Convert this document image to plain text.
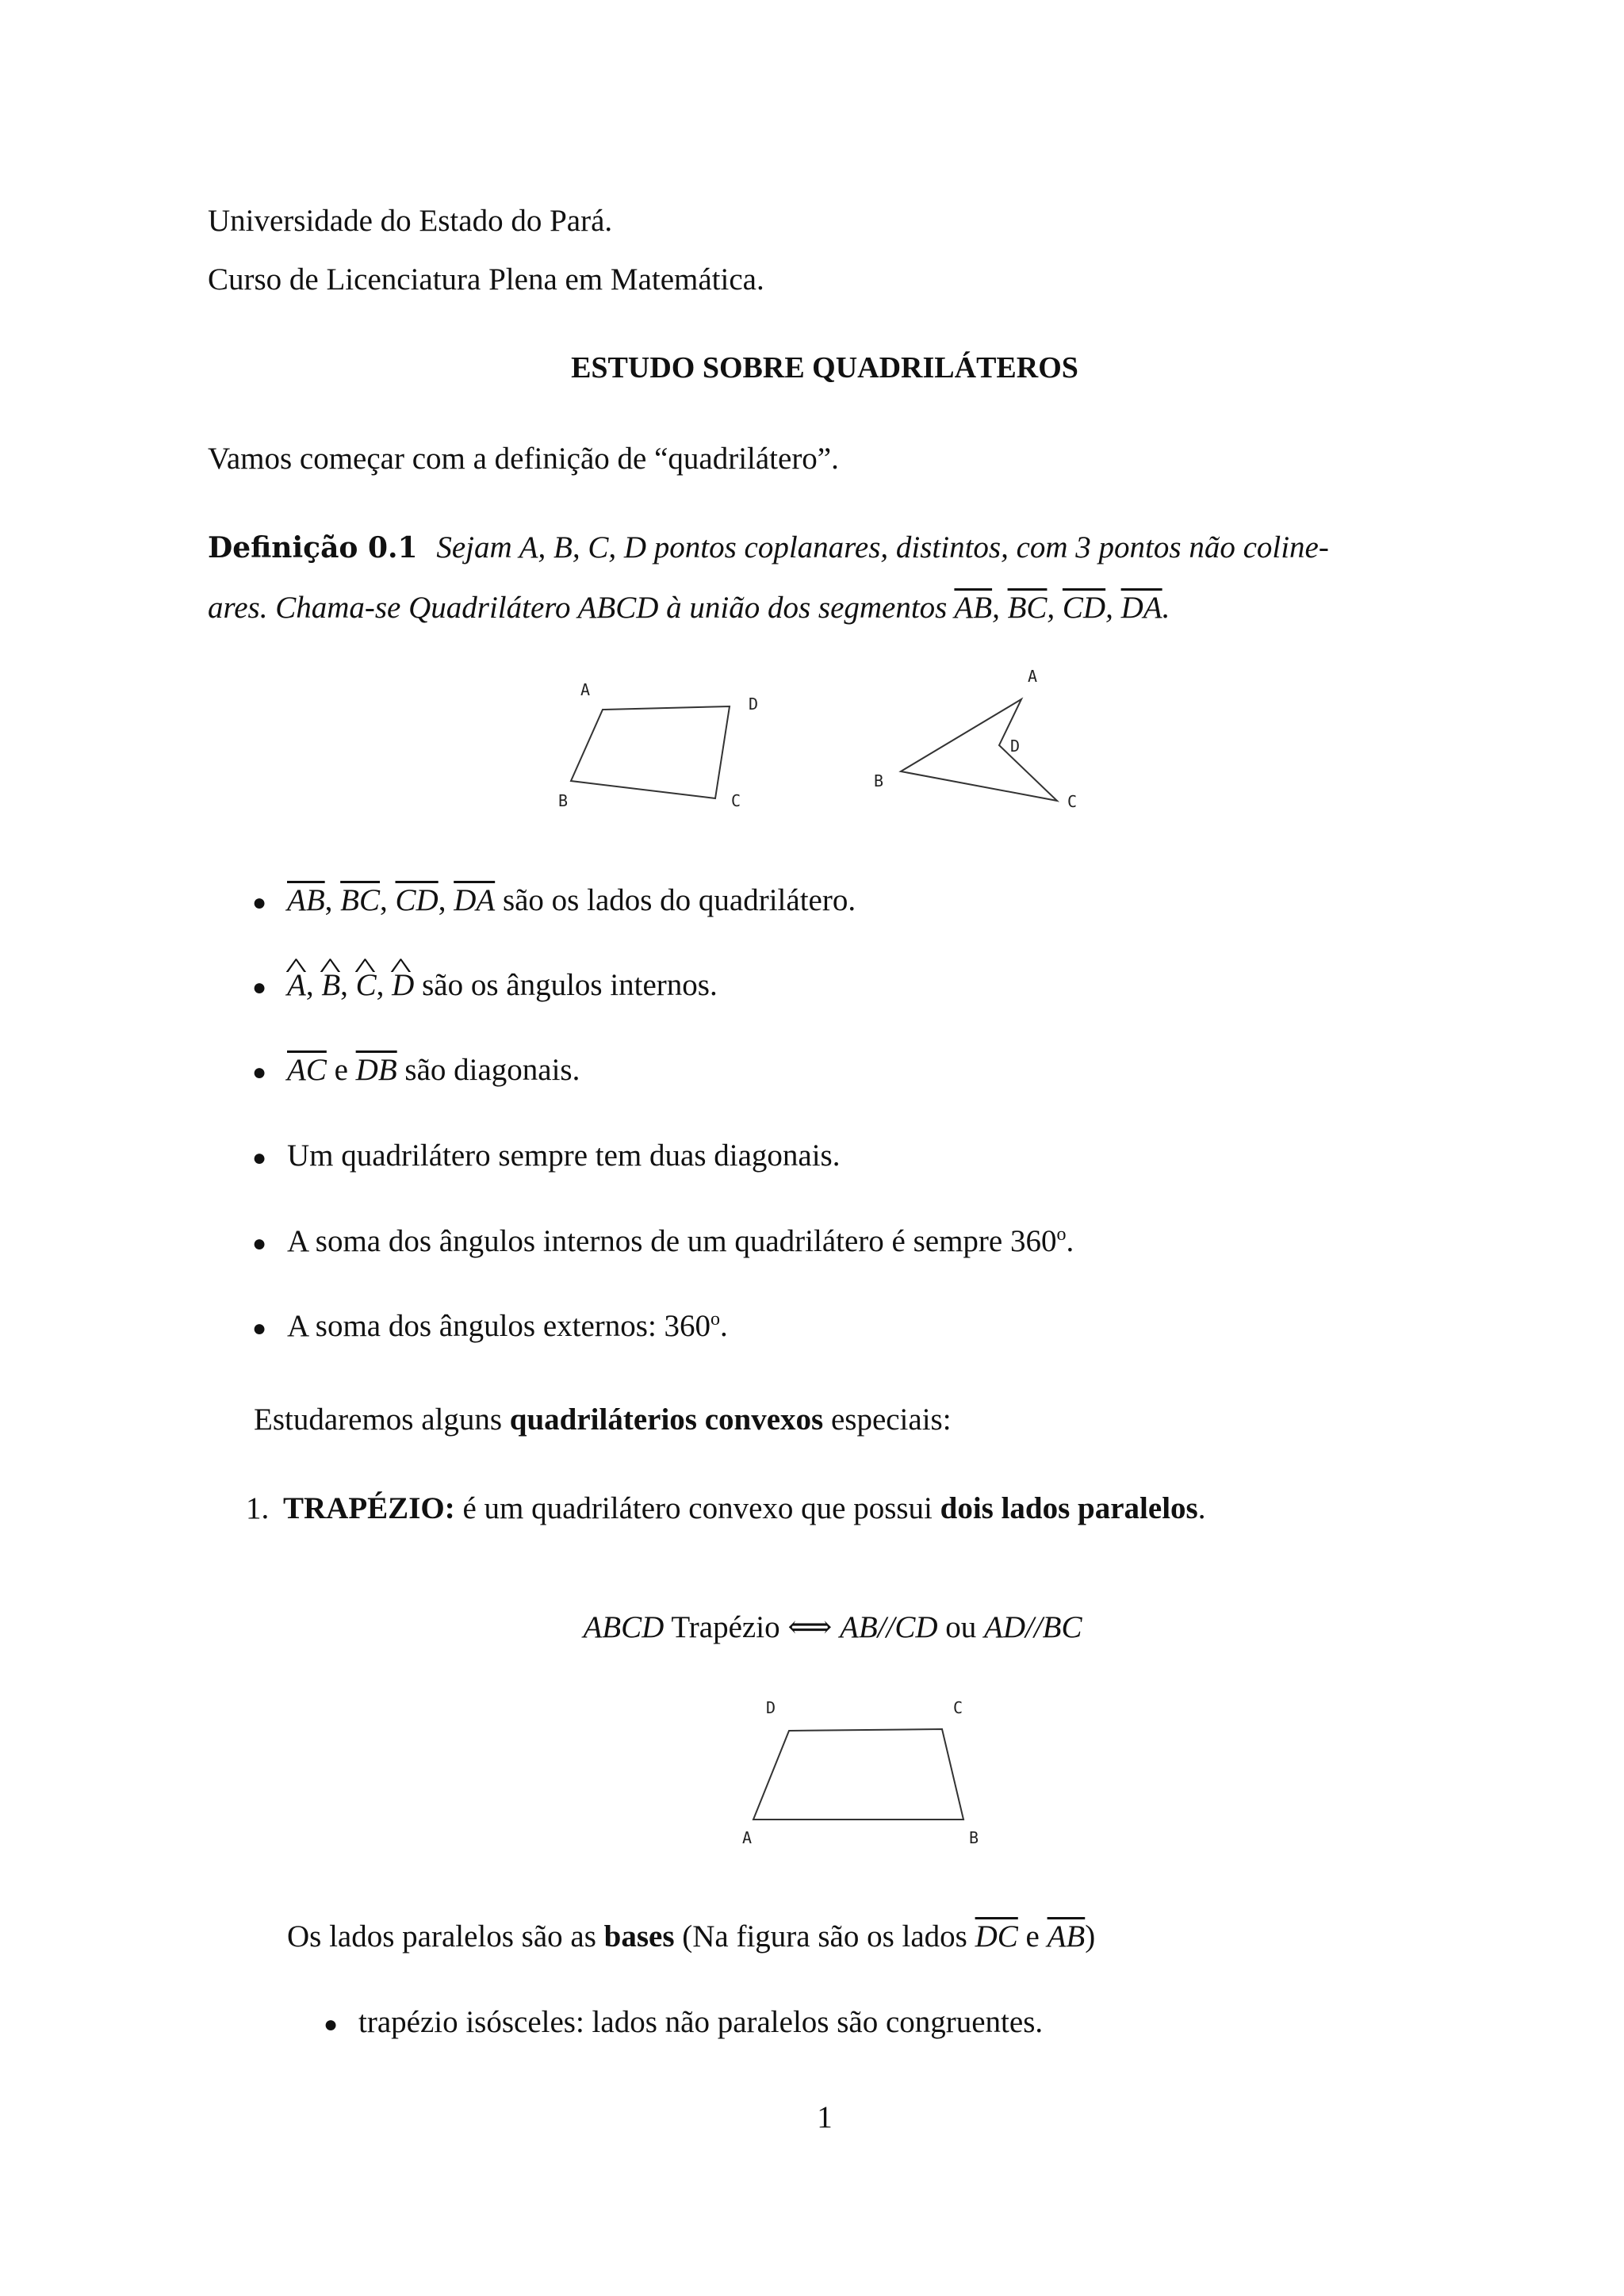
Universidade do Estado do Pará.
Curso de Licenciatura Plena em Matemática.
ESTUDO SOBRE QUADRILÁTEROS
Vamos começar com a definição de “quadrilátero”.
Definição 0.1 Sejam A, B, C, D pontos coplanares, distintos, com 3 pontos não coline-
ares. Chama-se Quadrilátero ABCD à união dos segmentos $\overline{AB}$, $\overline{BC}$, $\overline{CD}$, $\overline{DA}$.
A
D
B	C
A
D
B
C
● $\overline{AB}$, $\overline{BC}$, $\overline{CD}$, $\overline{DA}$ são os lados do quadrilátero.
● ^ A, ^ B, ^ C, ^ D são os ângulos internos.
● $\overline{AC}$ e $\overline{DB}$ são diagonais.
● Um quadrilátero sempre tem duas diagonais.
● A soma dos ângulos internos de um quadrilátero é sempre 360$^o$.
● A soma dos ângulos externos: 360$^o$.
Estudaremos alguns quadriláterios convexos especiais:
1. TRAPÉZIO: é um quadrilátero convexo que possui dois lados paralelos.
ABCD Trapézio ⟺ AB//CD ou AD//BC
D	C
A	B
Os lados paralelos são as bases (Na figura são os lados $\overline{DC}$ e $\overline{AB}$)
● trapézio isósceles: lados não paralelos são congruentes.
1
